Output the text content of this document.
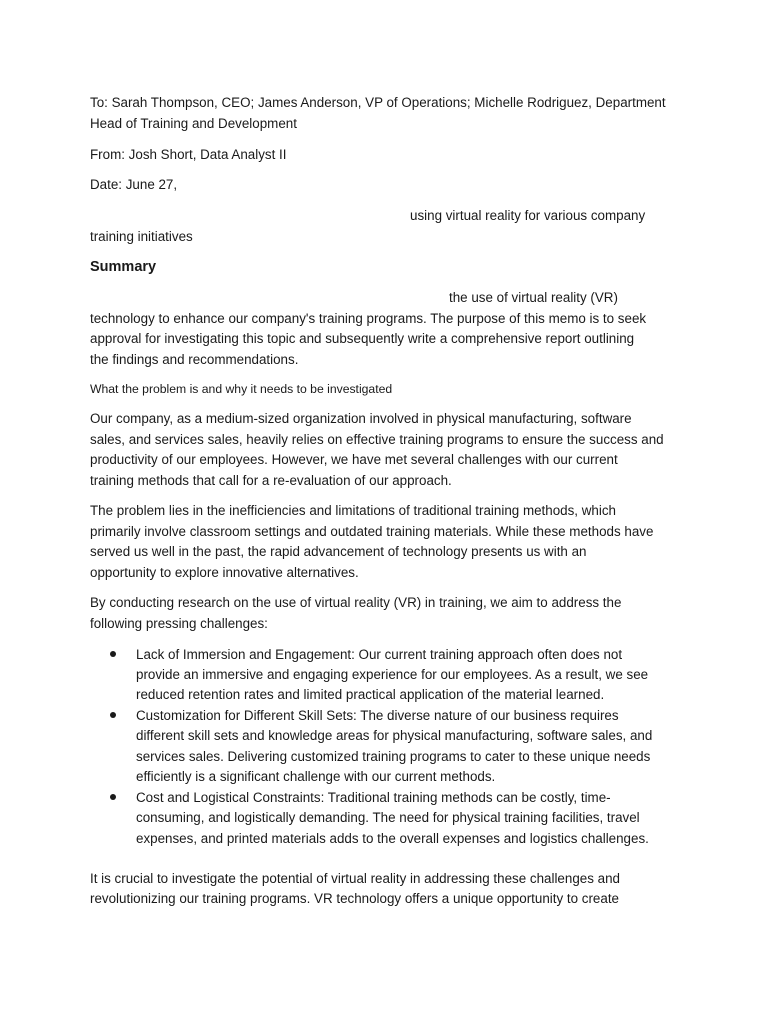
To: Sarah Thompson, CEO; James Anderson, VP of Operations; Michelle Rodriguez, Department
Head of Training and Development
From: Josh Short, Data Analyst II
Date: June 27,
using virtual reality for various company
training initiatives
Summary
the use of virtual reality (VR)
technology to enhance our company's training programs. The purpose of this memo is to seek
approval for investigating this topic and subsequently write a comprehensive report outlining
the findings and recommendations.
What the problem is and why it needs to be investigated
Our company, as a medium-sized organization involved in physical manufacturing, software
sales, and services sales, heavily relies on effective training programs to ensure the success and
productivity of our employees. However, we have met several challenges with our current
training methods that call for a re-evaluation of our approach.
The problem lies in the inefficiencies and limitations of traditional training methods, which
primarily involve classroom settings and outdated training materials. While these methods have
served us well in the past, the rapid advancement of technology presents us with an
opportunity to explore innovative alternatives.
By conducting research on the use of virtual reality (VR) in training, we aim to address the
following pressing challenges:
Lack of Immersion and Engagement: Our current training approach often does not
provide an immersive and engaging experience for our employees. As a result, we see
reduced retention rates and limited practical application of the material learned.
Customization for Different Skill Sets: The diverse nature of our business requires
different skill sets and knowledge areas for physical manufacturing, software sales, and
services sales. Delivering customized training programs to cater to these unique needs
efficiently is a significant challenge with our current methods.
Cost and Logistical Constraints: Traditional training methods can be costly, time-
consuming, and logistically demanding. The need for physical training facilities, travel
expenses, and printed materials adds to the overall expenses and logistics challenges.
It is crucial to investigate the potential of virtual reality in addressing these challenges and
revolutionizing our training programs. VR technology offers a unique opportunity to create
